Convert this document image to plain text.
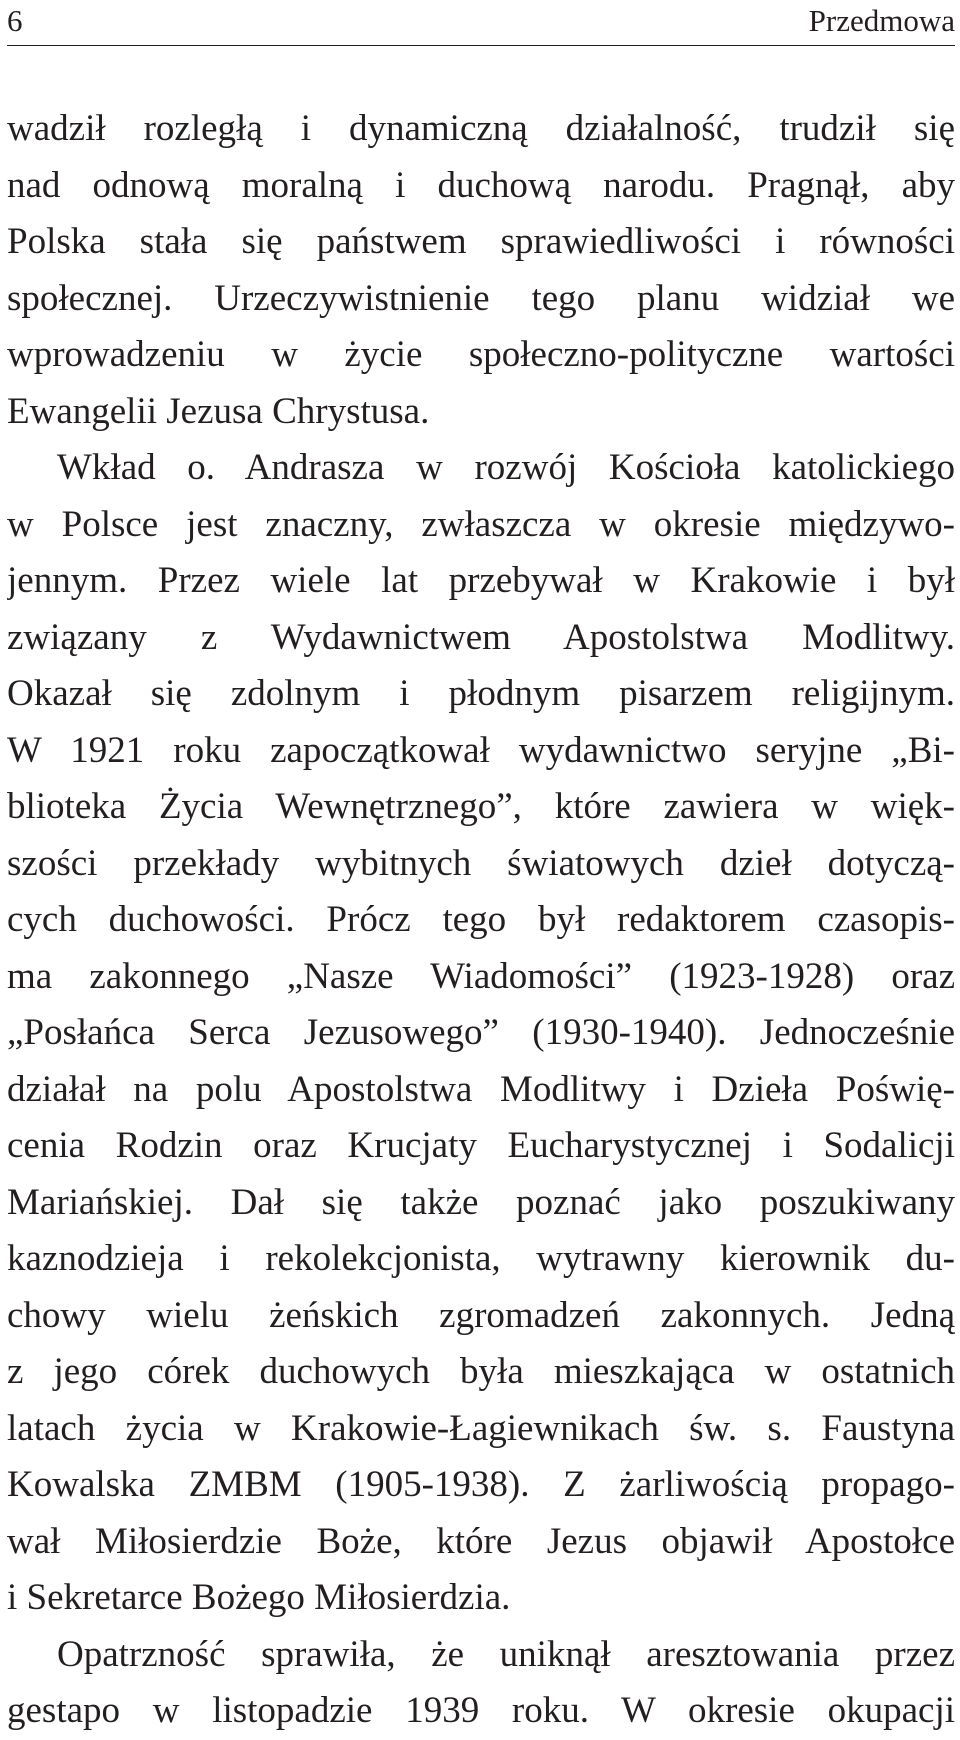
6	Przedmowa
wadził rozległą i dynamiczną działalność, trudził się
nad odnową moralną i duchową narodu. Pragnął, aby
Polska stała się państwem sprawiedliwości i równości
społecznej. Urzeczywistnienie tego planu widział we
wprowadzeniu w życie społeczno-polityczne wartości
Ewangelii Jezusa Chrystusa.
Wkład o. Andrasza w rozwój Kościoła katolickiego
w Polsce jest znaczny, zwłaszcza w okresie międzywo-
jennym. Przez wiele lat przebywał w Krakowie i był
związany z Wydawnictwem Apostolstwa Modlitwy.
Okazał się zdolnym i płodnym pisarzem religijnym.
W 1921 roku zapoczątkował wydawnictwo seryjne „Bi-
blioteka Życia Wewnętrznego”, które zawiera w więk-
szości przekłady wybitnych światowych dzieł dotyczą-
cych duchowości. Prócz tego był redaktorem czasopis-
ma zakonnego „Nasze Wiadomości” (1923-1928) oraz
„Posłańca Serca Jezusowego” (1930-1940). Jednocześnie
działał na polu Apostolstwa Modlitwy i Dzieła Poświę-
cenia Rodzin oraz Krucjaty Eucharystycznej i Sodalicji
Mariańskiej. Dał się także poznać jako poszukiwany
kaznodzieja i rekolekcjonista, wytrawny kierownik du-
chowy wielu żeńskich zgromadzeń zakonnych. Jedną
z jego córek duchowych była mieszkająca w ostatnich
latach życia w Krakowie-Łagiewnikach św. s. Faustyna
Kowalska ZMBM (1905-1938). Z żarliwością propago-
wał Miłosierdzie Boże, które Jezus objawił Apostołce
i Sekretarce Bożego Miłosierdzia.
Opatrzność sprawiła, że uniknął aresztowania przez
gestapo w listopadzie 1939 roku. W okresie okupacji
